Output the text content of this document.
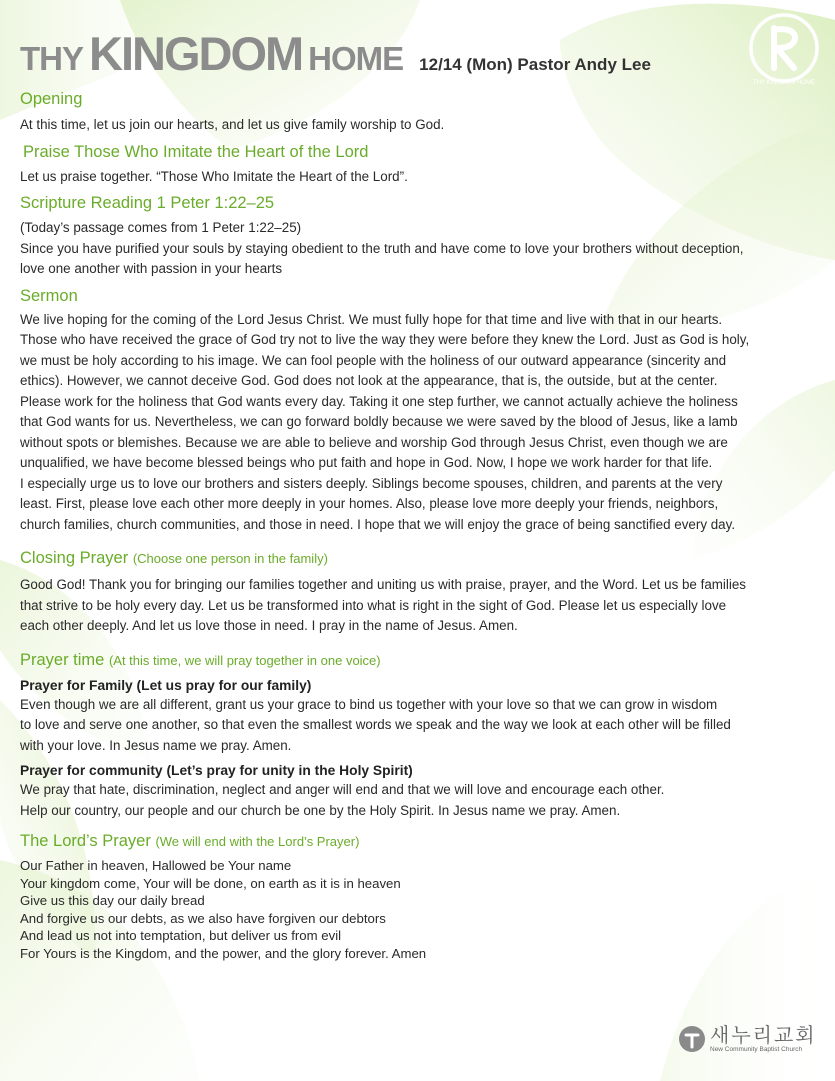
THY KINGDOM HOME 12/14 (Mon) Pastor Andy Lee
THY KINGDOM HOME

Opening

At this time, let us join our hearts, and let us give family worship to God.

Praise Those Who Imitate the Heart of the Lord

Let us praise together. “Those Who Imitate the Heart of the Lord”.

Scripture Reading 1 Peter 1:22–25

(Today’s passage comes from 1 Peter 1:22–25)

Since you have purified your souls by staying obedient to the truth and have come to love your brothers without deception,

love one another with passion in your hearts

Sermon

We live hoping for the coming of the Lord Jesus Christ. We must fully hope for that time and live with that in our hearts.

Those who have received the grace of God try not to live the way they were before they knew the Lord. Just as God is holy,

we must be holy according to his image. We can fool people with the holiness of our outward appearance (sincerity and

ethics). However, we cannot deceive God. God does not look at the appearance, that is, the outside, but at the center.

Please work for the holiness that God wants every day. Taking it one step further, we cannot actually achieve the holiness

that God wants for us. Nevertheless, we can go forward boldly because we were saved by the blood of Jesus, like a lamb

without spots or blemishes. Because we are able to believe and worship God through Jesus Christ, even though we are

unqualified, we have become blessed beings who put faith and hope in God. Now, I hope we work harder for that life.

I especially urge us to love our brothers and sisters deeply. Siblings become spouses, children, and parents at the very

least. First, please love each other more deeply in your homes. Also, please love more deeply your friends, neighbors,

church families, church communities, and those in need. I hope that we will enjoy the grace of being sanctified every day.

Closing Prayer (Choose one person in the family)

Good God! Thank you for bringing our families together and uniting us with praise, prayer, and the Word. Let us be families

that strive to be holy every day. Let us be transformed into what is right in the sight of God. Please let us especially love

each other deeply. And let us love those in need. I pray in the name of Jesus. Amen.

Prayer time (At this time, we will pray together in one voice)

Prayer for Family (Let us pray for our family)

Even though we are all different, grant us your grace to bind us together with your love so that we can grow in wisdom

to love and serve one another, so that even the smallest words we speak and the way we look at each other will be filled

with your love. In Jesus name we pray. Amen.

Prayer for community (Let’s pray for unity in the Holy Spirit)

We pray that hate, discrimination, neglect and anger will end and that we will love and encourage each other.

Help our country, our people and our church be one by the Holy Spirit. In Jesus name we pray. Amen.

The Lord’s Prayer (We will end with the Lord’s Prayer)

Our Father in heaven, Hallowed be Your name

Your kingdom come, Your will be done, on earth as it is in heaven

Give us this day our daily bread

And forgive us our debts, as we also have forgiven our debtors

And lead us not into temptation, but deliver us from evil

For Yours is the Kingdom, and the power, and the glory forever. Amen

새누리교회
New Community Baptist Church
